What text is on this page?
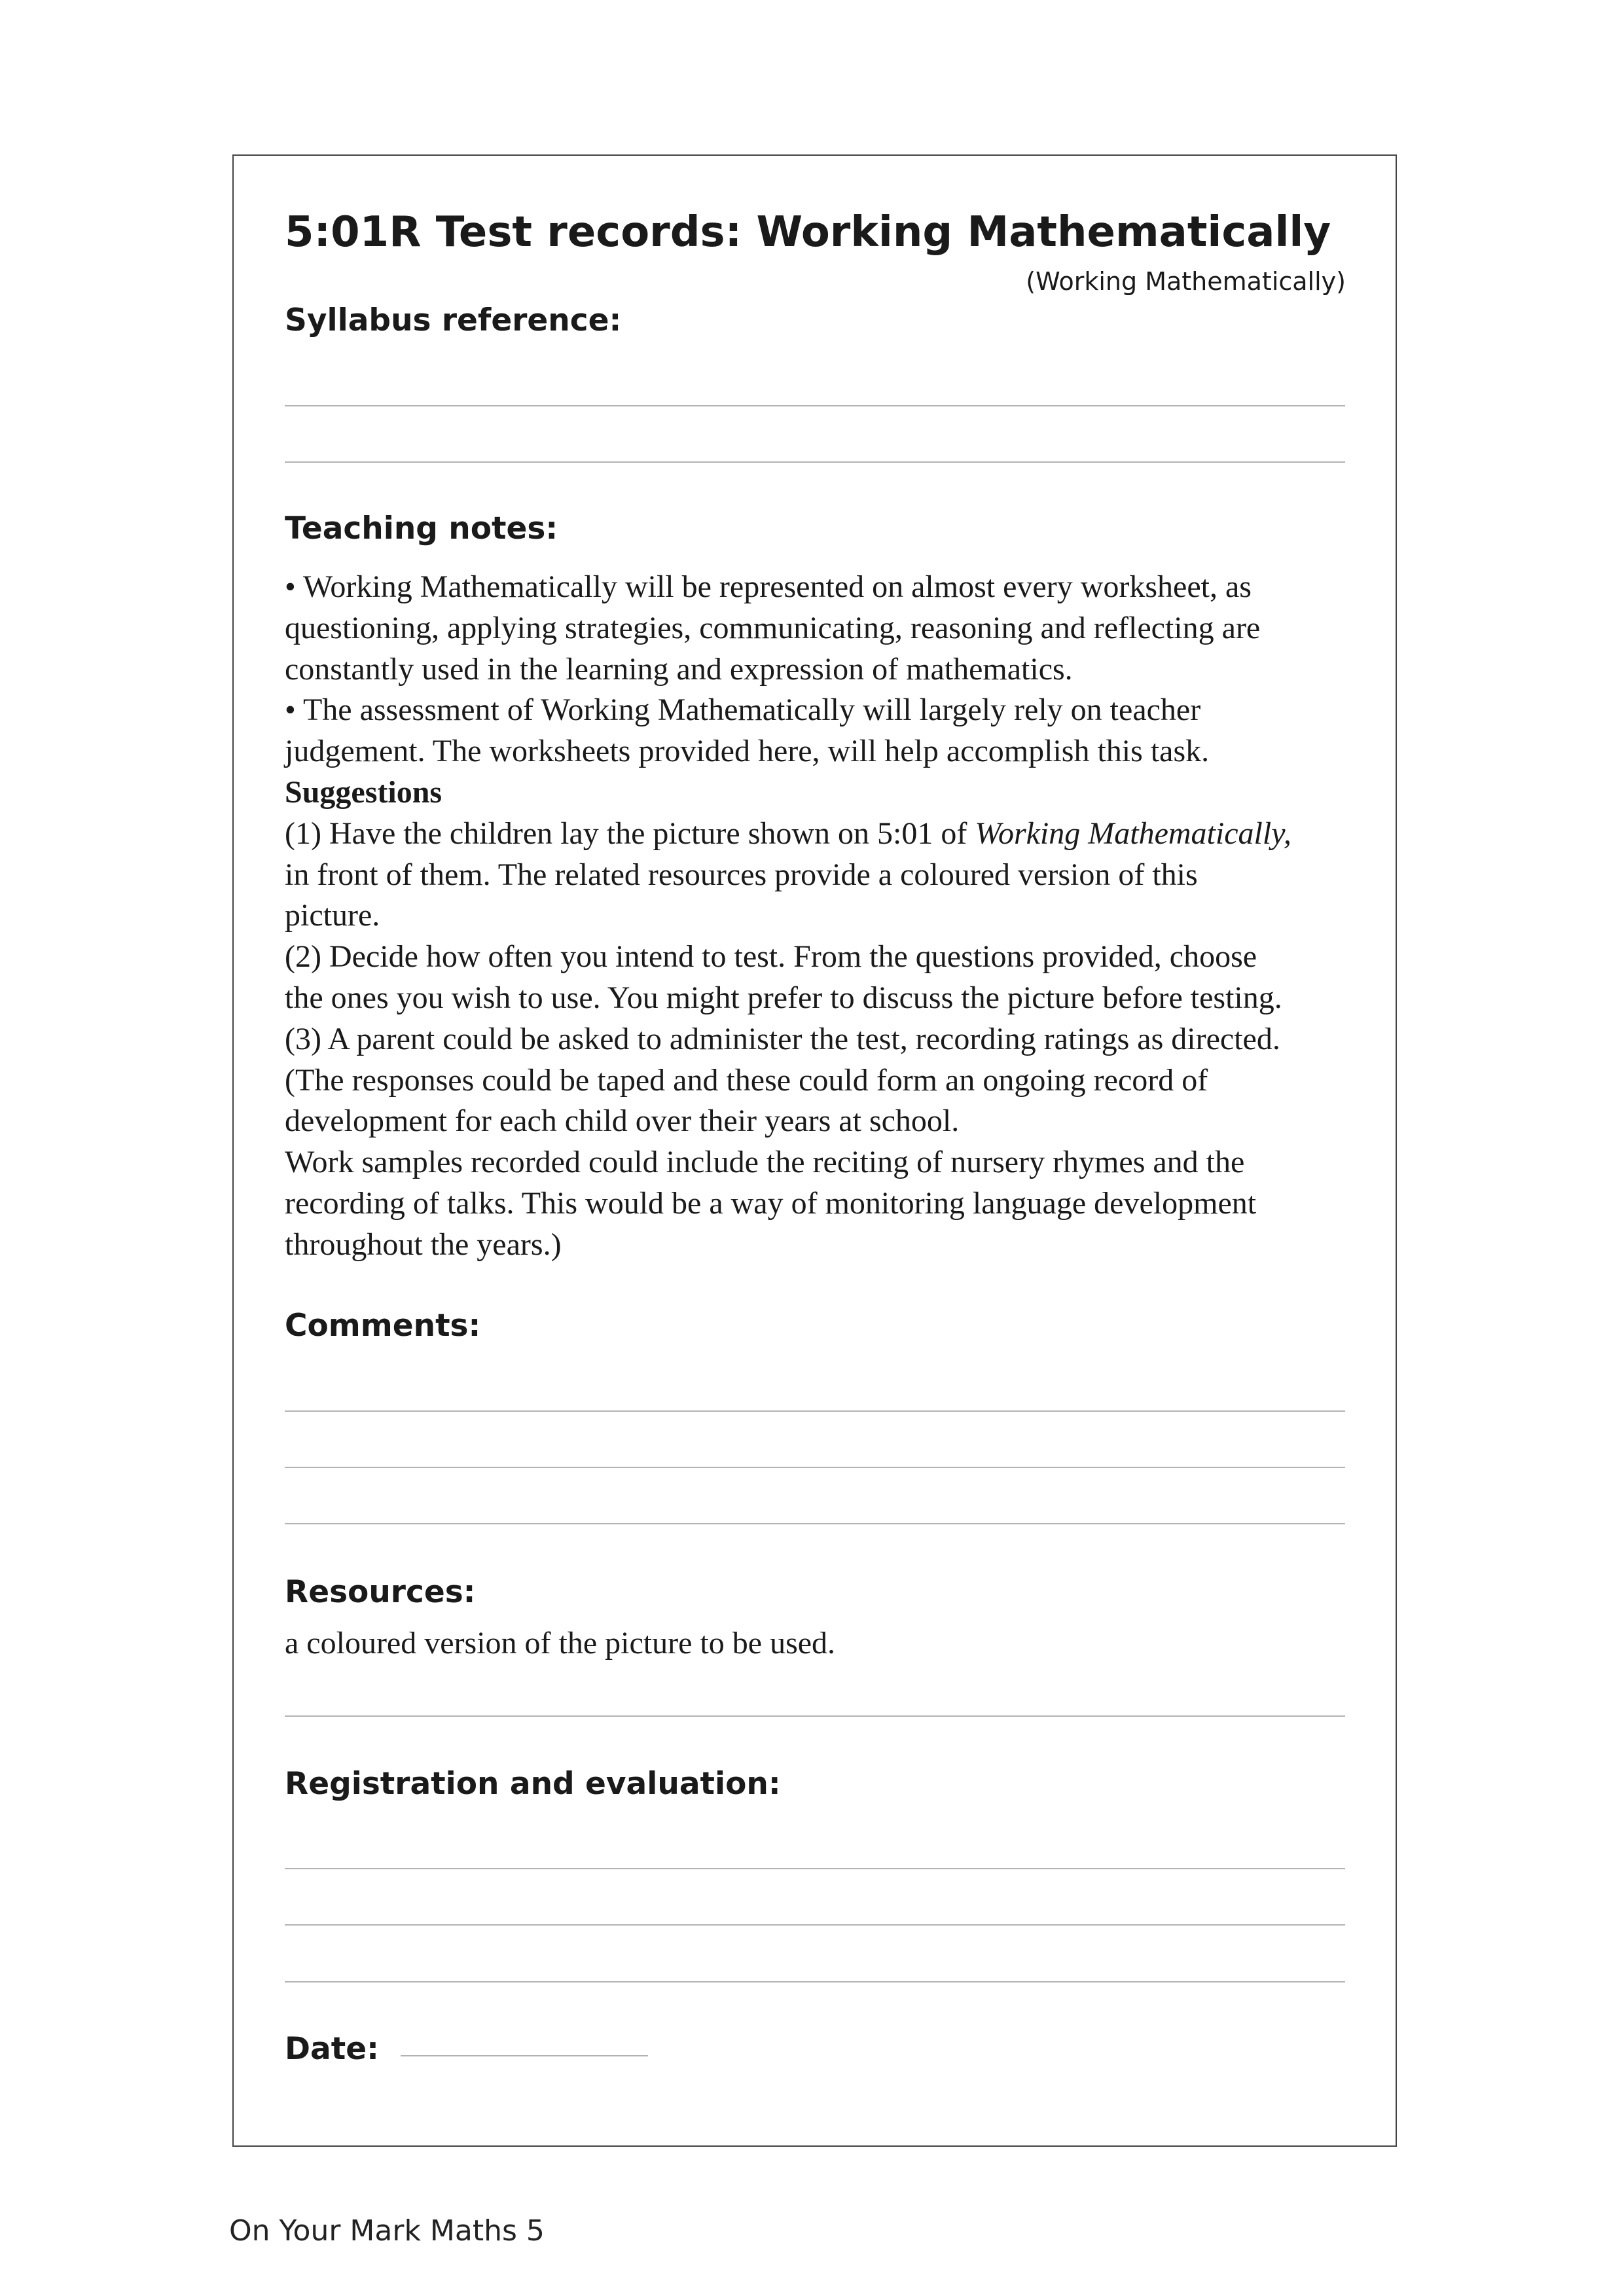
5:01R Test records: Working Mathematically
(Working Mathematically)
Syllabus reference:
Teaching notes:

• Working Mathematically will be represented on almost every worksheet, as

questioning, applying strategies, communicating, reasoning and reflecting are

constantly used in the learning and expression of mathematics.

• The assessment of Working Mathematically will largely rely on teacher

judgement. The worksheets provided here, will help accomplish this task.

Suggestions

(1) Have the children lay the picture shown on 5:01 of Working Mathematically,

in front of them. The related resources provide a coloured version of this

picture.

(2) Decide how often you intend to test. From the questions provided, choose

the ones you wish to use. You might prefer to discuss the picture before testing.

(3) A parent could be asked to administer the test, recording ratings as directed.

(The responses could be taped and these could form an ongoing record of

development for each child over their years at school.

Work samples recorded could include the reciting of nursery rhymes and the

recording of talks. This would be a way of monitoring language development

throughout the years.)

Comments:
Resources:
a coloured version of the picture to be used.
Registration and evaluation:
Date:
On Your Mark Maths 5
